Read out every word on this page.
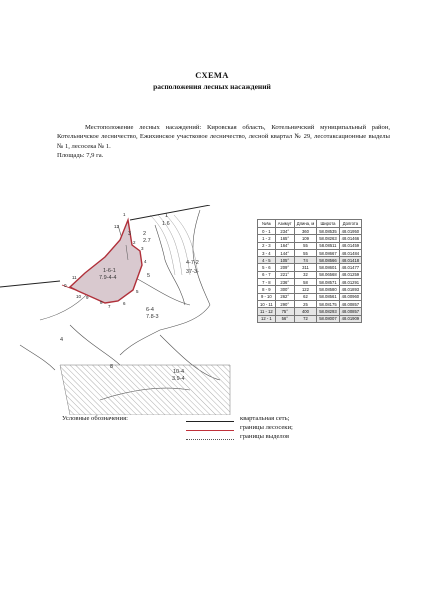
СХЕМА
расположения лесных насаждений
Местоположение лесных насаждений: Кировская область, Котельничский муниципальный район, Котельничское лесничество, Ежихинское участковое лесничество, лесной квартал № 29, лесотаксационные выделы № 1, лесосека № 1.
Площадь: 7,9 га.
1-6-1
7.9-4-4
0
1
2
3
4
5
6
7
8
9
10
11
12
1
1.6
2
2.7
4-7-2
37-3-
6-4
7.8-3
10-4
3.9-4
8
4
5
3
№№	Азимут	Длина, м	Широта	Долгота
0 - 1	234°	360	58.08535	48.01950
1 - 2	165°	109	58.08263	48.01466
2 - 3	164°	55	58.08511	48.01459
3 - 4	144°	55	58.08667	48.01484
4 - 5	105°	74	58.08566	48.01418
5 - 6	209°	311	58.08601	48.01477
6 - 7	221°	32	58.06568	48.01259
7 - 8	236°	58	58.08571	48.01291
8 - 9	300°	122	58.08580	48.01893
9 - 10	262°	62	58.08561	48.00960
10 - 11	290°	25	58.08175	48.00857
11 - 12	75°	400	58.08293	48.00857
12 - 1	56°	72	58.08007	48.01909
Условные обозначения:	квартальная сеть;
границы лесосеки;
границы выделов
